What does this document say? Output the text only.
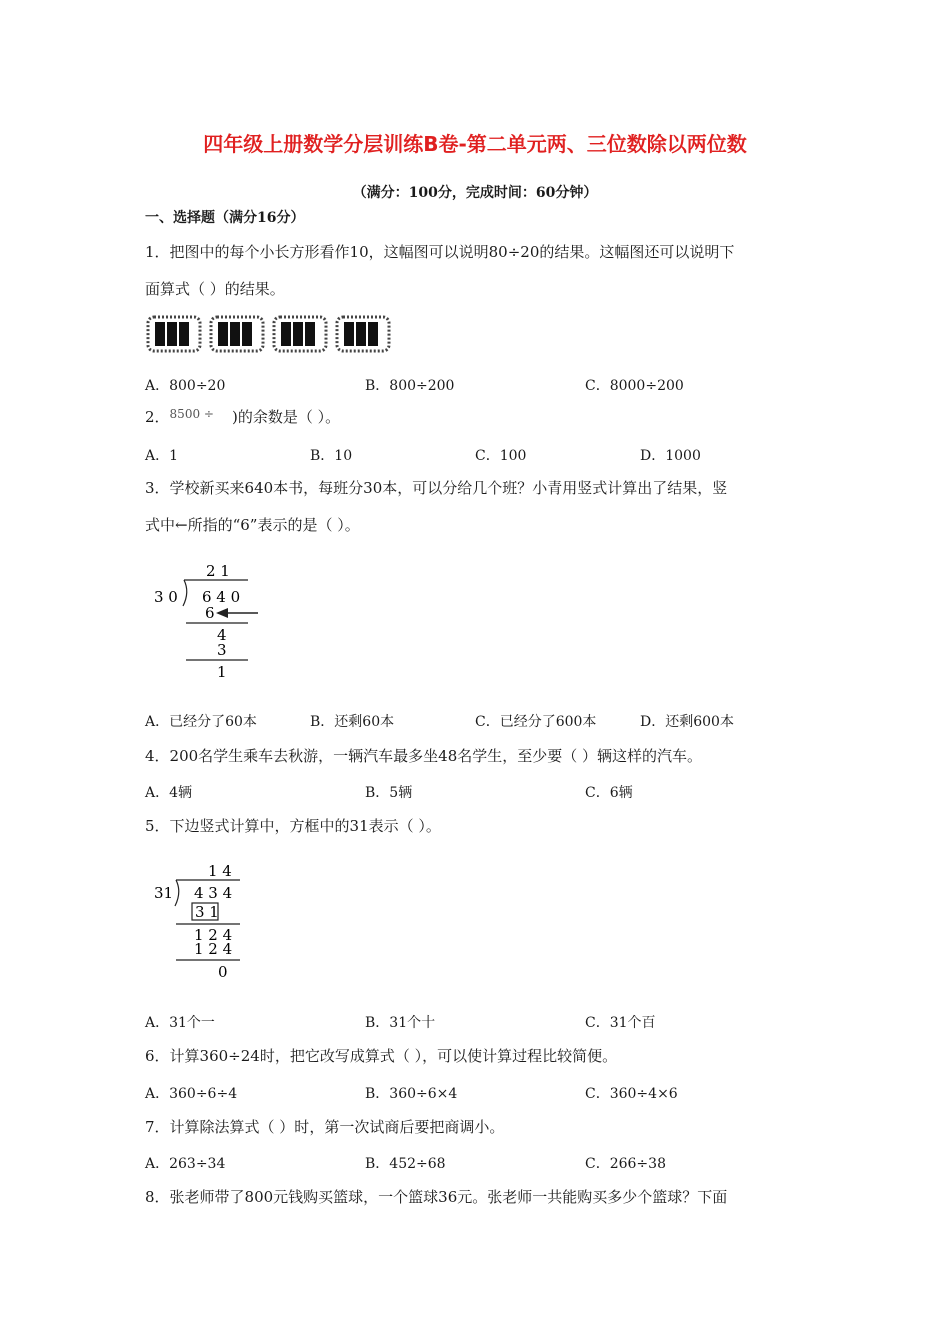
四年级上册数学分层训练B卷-第二单元两、三位数除以两位数
（满分：100分，完成时间：60分钟）
一、选择题（满分16分）
1．把图中的每个小长方形看作10，这幅图可以说明80÷20的结果。这幅图还可以说明下
面算式（ ）的结果。
A．800÷20	B．800÷200	C．8000÷200
2．$^{8500 \div}$ )的余数是（ ）。
A．1	B．10	C．100	D．1000
3．学校新买来640本书，每班分30本，可以分给几个班？小青用竖式计算出了结果，竖
式中←所指的“6”表示的是（ ）。
2 1
3 0 6 4 0
6
4
3
1
A．已经分了60本	B．还剩60本	C．已经分了600本	D．还剩600本
4．200名学生乘车去秋游，一辆汽车最多坐48名学生，至少要（ ）辆这样的汽车。
A．4辆	B．5辆	C．6辆
5．下边竖式计算中，方框中的31表示（ ）。
1 4
31 4 3 4
3 1
1 2 4
1 2 4
0
A．31个一	B．31个十	C．31个百
6．计算360÷24时，把它改写成算式（ ），可以使计算过程比较简便。
A．360÷6÷4	B．360÷6×4	C．360÷4×6
7．计算除法算式（ ）时，第一次试商后要把商调小。
A．263÷34	B．452÷68	C．266÷38
8．张老师带了800元钱购买篮球，一个篮球36元。张老师一共能购买多少个篮球？下面
